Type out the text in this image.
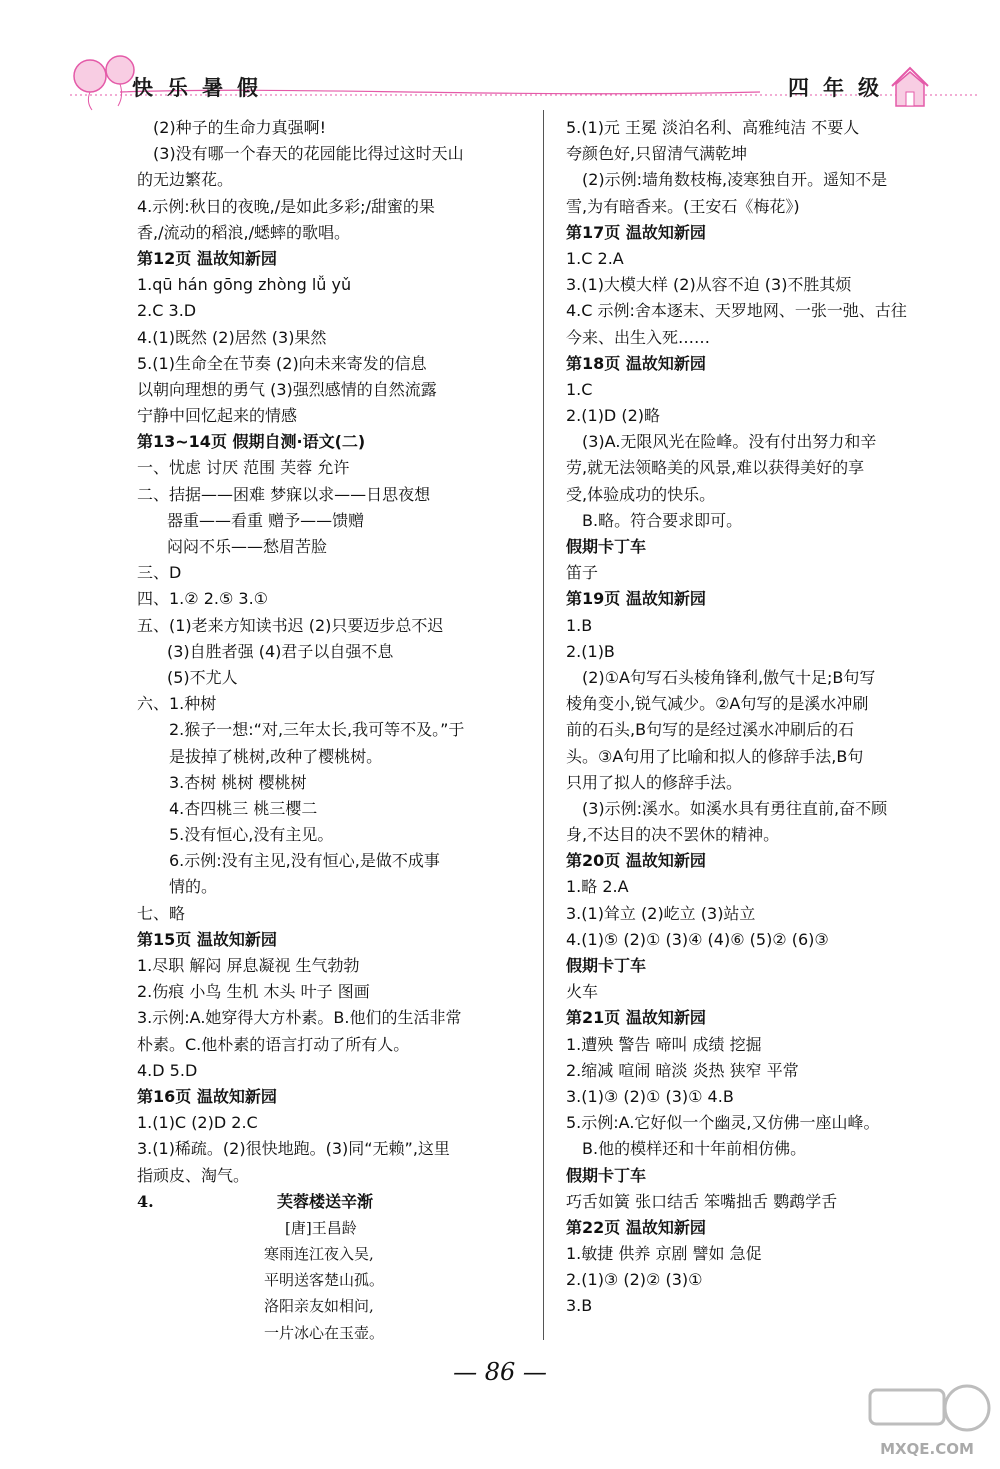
快乐暑假	四年级
(2)种子的生命力真强啊!
(3)没有哪一个春天的花园能比得过这时天山
的无边繁花。
4.示例:秋日的夜晚,/是如此多彩;/甜蜜的果
香,/流动的稻浪,/蟋蟀的歌唱。
第12页 温故知新园
1.qū hán gōng zhòng lǚ yǔ
2.C 3.D
4.(1)既然 (2)居然 (3)果然
5.(1)生命全在节奏 (2)向未来寄发的信息
以朝向理想的勇气 (3)强烈感情的自然流露
宁静中回忆起来的情感
第13~14页 假期自测·语文(二)
一、忧虑 讨厌 范围 芙蓉 允许
二、拮据——困难 梦寐以求——日思夜想
器重——看重 赠予——馈赠
闷闷不乐——愁眉苦脸
三、D
四、1.② 2.⑤ 3.①
五、(1)老来方知读书迟 (2)只要迈步总不迟
(3)自胜者强 (4)君子以自强不息
(5)不尤人
六、1.种树
2.猴子一想:“对,三年太长,我可等不及。”于
是拔掉了桃树,改种了樱桃树。
3.杏树 桃树 樱桃树
4.杏四桃三 桃三樱二
5.没有恒心,没有主见。
6.示例:没有主见,没有恒心,是做不成事
情的。
七、略
第15页 温故知新园
1.尽职 解闷 屏息凝视 生气勃勃
2.伤痕 小鸟 生机 木头 叶子 图画
3.示例:A.她穿得大方朴素。B.他们的生活非常
朴素。C.他朴素的语言打动了所有人。
4.D 5.D
第16页 温故知新园
1.(1)C (2)D 2.C
3.(1)稀疏。(2)很快地跑。(3)同“无赖”,这里
指顽皮、淘气。
4.	芙蓉楼送辛渐
[唐]王昌龄
寒雨连江夜入吴,
平明送客楚山孤。
洛阳亲友如相问,
一片冰心在玉壶。
5.(1)元 王冕 淡泊名利、高雅纯洁 不要人
夸颜色好,只留清气满乾坤
(2)示例:墙角数枝梅,凌寒独自开。遥知不是
雪,为有暗香来。(王安石《梅花》)
第17页 温故知新园
1.C 2.A
3.(1)大模大样 (2)从容不迫 (3)不胜其烦
4.C 示例:舍本逐末、天罗地网、一张一弛、古往
今来、出生入死……
第18页 温故知新园
1.C
2.(1)D (2)略
(3)A.无限风光在险峰。没有付出努力和辛
劳,就无法领略美的风景,难以获得美好的享
受,体验成功的快乐。
B.略。符合要求即可。
假期卡丁车
笛子
第19页 温故知新园
1.B
2.(1)B
(2)①A句写石头棱角锋利,傲气十足;B句写
棱角变小,锐气减少。②A句写的是溪水冲刷
前的石头,B句写的是经过溪水冲刷后的石
头。③A句用了比喻和拟人的修辞手法,B句
只用了拟人的修辞手法。
(3)示例:溪水。如溪水具有勇往直前,奋不顾
身,不达目的决不罢休的精神。
第20页 温故知新园
1.略 2.A
3.(1)耸立 (2)屹立 (3)站立
4.(1)⑤ (2)① (3)④ (4)⑥ (5)② (6)③
假期卡丁车
火车
第21页 温故知新园
1.遭殃 警告 啼叫 成绩 挖掘
2.缩减 喧闹 暗淡 炎热 狭窄 平常
3.(1)③ (2)① (3)① 4.B
5.示例:A.它好似一个幽灵,又仿佛一座山峰。
B.他的模样还和十年前相仿佛。
假期卡丁车
巧舌如簧 张口结舌 笨嘴拙舌 鹦鹉学舌
第22页 温故知新园
1.敏捷 供养 京剧 譬如 急促
2.(1)③ (2)② (3)①
3.B
— 86 —
MXQE.COM
